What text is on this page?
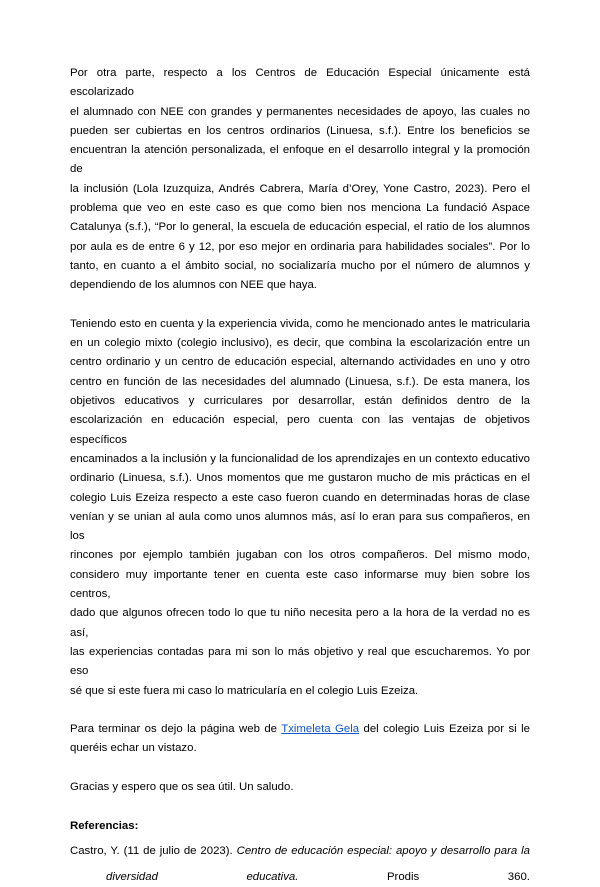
Por otra parte, respecto a los Centros de Educación Especial únicamente está escolarizado
el alumnado con NEE con grandes y permanentes necesidades de apoyo, las cuales no
pueden ser cubiertas en los centros ordinarios (Linuesa, s.f.). Entre los beneficios se
encuentran la atención personalizada, el enfoque en el desarrollo integral y la promoción de
la inclusión (Lola Izuzquiza, Andrés Cabrera, María d’Orey, Yone Castro, 2023). Pero el
problema que veo en este caso es que como bien nos menciona La fundació Aspace
Catalunya (s.f.), “Por lo general, la escuela de educación especial, el ratio de los alumnos
por aula es de entre 6 y 12, por eso mejor en ordinaria para habilidades sociales”. Por lo
tanto, en cuanto a el ámbito social, no socializaría mucho por el número de alumnos y
dependiendo de los alumnos con NEE que haya.
Teniendo esto en cuenta y la experiencia vivida, como he mencionado antes le matricularia
en un colegio mixto (colegio inclusivo), es decir, que combina la escolarización entre un
centro ordinario y un centro de educación especial, alternando actividades en uno y otro
centro en función de las necesidades del alumnado (Linuesa, s.f.). De esta manera, los
objetivos educativos y curriculares por desarrollar, están definidos dentro de la
escolarización en educación especial, pero cuenta con las ventajas de objetivos específicos
encaminados a la inclusión y la funcionalidad de los aprendizajes en un contexto educativo
ordinario (Linuesa, s.f.). Unos momentos que me gustaron mucho de mis prácticas en el
colegio Luis Ezeiza respecto a este caso fueron cuando en determinadas horas de clase
venían y se unian al aula como unos alumnos más, así lo eran para sus compañeros, en los
rincones por ejemplo también jugaban con los otros compañeros. Del mismo modo,
considero muy importante tener en cuenta este caso informarse muy bien sobre los centros,
dado que algunos ofrecen todo lo que tu niño necesita pero a la hora de la verdad no es así,
las experiencias contadas para mi son lo más objetivo y real que escucharemos. Yo por eso
sé que si este fuera mi caso lo matricularía en el colegio Luis Ezeiza.
Para terminar os dejo la página web de Tximeleta Gela del colegio Luis Ezeiza por si le
queréis echar un vistazo.
Gracias y espero que os sea útil. Un saludo.
Referencias:
Castro, Y. (11 de julio de 2023). Centro de educación especial: apoyo y desarrollo para la
diversidad	educativa.	Prodis	360.
